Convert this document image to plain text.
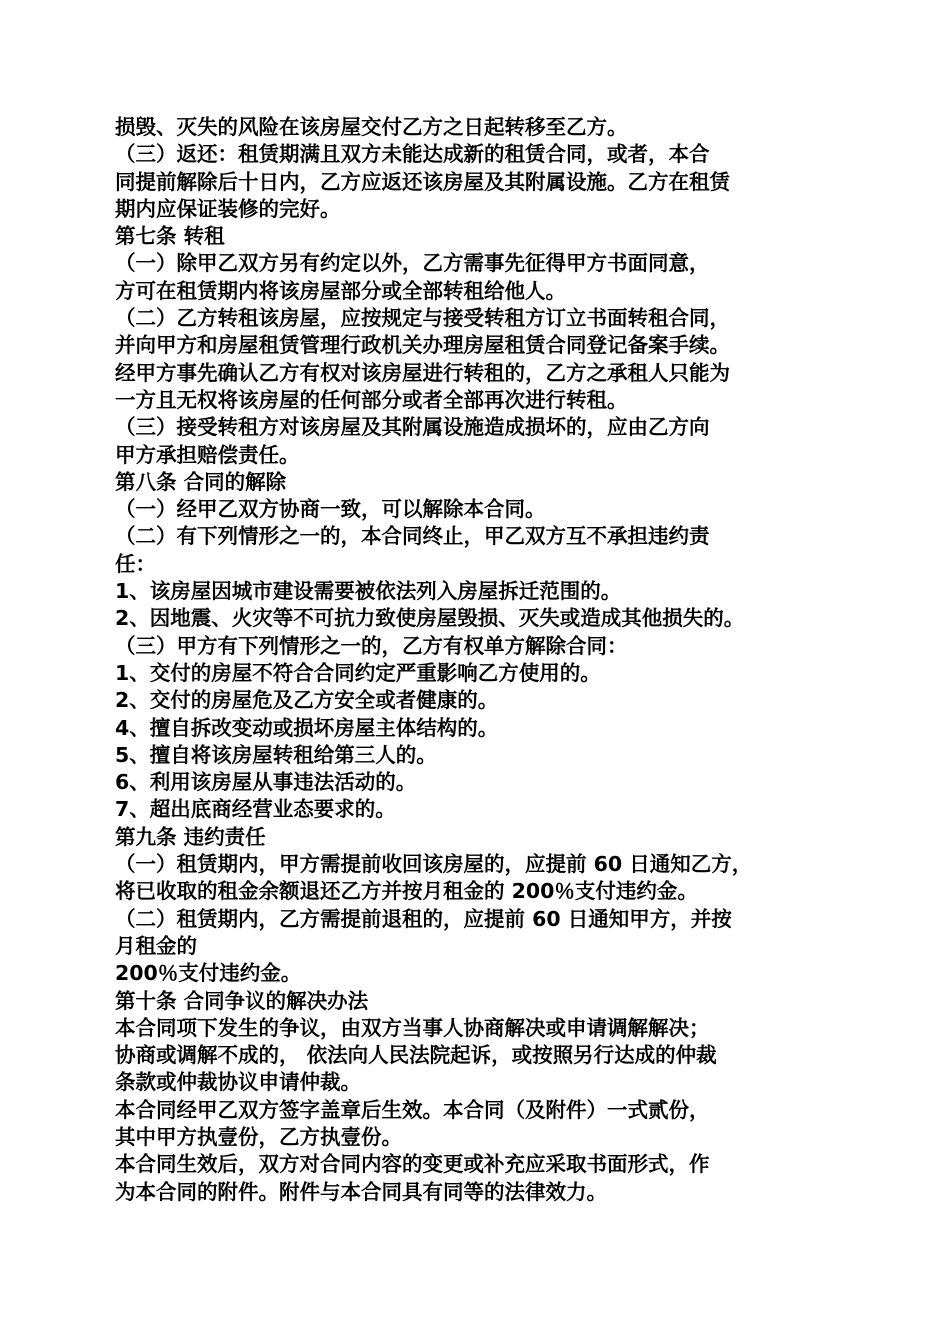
损毁、灭失的风险在该房屋交付乙方之日起转移至乙方。
（三）返还：租赁期满且双方未能达成新的租赁合同，或者，本合
同提前解除后十日内，乙方应返还该房屋及其附属设施。乙方在租赁
期内应保证装修的完好。
第七条 转租
（一）除甲乙双方另有约定以外，乙方需事先征得甲方书面同意，
方可在租赁期内将该房屋部分或全部转租给他人。
（二）乙方转租该房屋，应按规定与接受转租方订立书面转租合同，
并向甲方和房屋租赁管理行政机关办理房屋租赁合同登记备案手续。
经甲方事先确认乙方有权对该房屋进行转租的，乙方之承租人只能为
一方且无权将该房屋的任何部分或者全部再次进行转租。
（三）接受转租方对该房屋及其附属设施造成损坏的，应由乙方向
甲方承担赔偿责任。
第八条 合同的解除
（一）经甲乙双方协商一致，可以解除本合同。
（二）有下列情形之一的，本合同终止，甲乙双方互不承担违约责
任：
1、该房屋因城市建设需要被依法列入房屋拆迁范围的。
2、因地震、火灾等不可抗力致使房屋毁损、灭失或造成其他损失的。
（三）甲方有下列情形之一的，乙方有权单方解除合同：
1、交付的房屋不符合合同约定严重影响乙方使用的。
2、交付的房屋危及乙方安全或者健康的。
4、擅自拆改变动或损坏房屋主体结构的。
5、擅自将该房屋转租给第三人的。
6、利用该房屋从事违法活动的。
7、超出底商经营业态要求的。
第九条 违约责任
（一）租赁期内，甲方需提前收回该房屋的，应提前 60 日通知乙方，
将已收取的租金余额退还乙方并按月租金的 200％支付违约金。
（二）租赁期内，乙方需提前退租的，应提前 60 日通知甲方，并按
月租金的
200％支付违约金。
第十条 合同争议的解决办法
本合同项下发生的争议，由双方当事人协商解决或申请调解解决；
协商或调解不成的， 依法向人民法院起诉，或按照另行达成的仲裁
条款或仲裁协议申请仲裁。
本合同经甲乙双方签字盖章后生效。本合同（及附件）一式贰份，
其中甲方执壹份，乙方执壹份。
本合同生效后，双方对合同内容的变更或补充应采取书面形式，作
为本合同的附件。附件与本合同具有同等的法律效力。
